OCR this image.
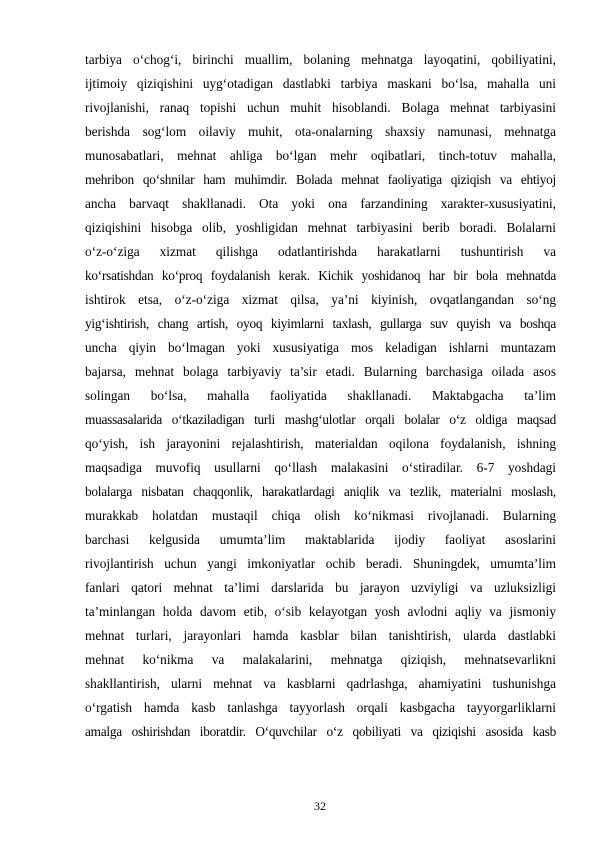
tarbiya o‘chog‘i, birinchi muallim, bolaning mehnatga layoqatini, qobiliyatini,
ijtimoiy qiziqishini uyg‘otadigan dastlabki tarbiya maskani bo‘lsa, mahalla uni
rivojlanishi, ranaq topishi uchun muhit hisoblandi. Bolaga mehnat tarbiyasini
berishda sog‘lom oilaviy muhit, ota-onalarning shaxsiy namunasi, mehnatga
munosabatlari, mehnat ahliga bo‘lgan mehr oqibatlari, tinch-totuv mahalla,
mehribon qo‘shnilar ham muhimdir. Bolada mehnat faoliyatiga qiziqish va ehtiyoj
ancha barvaqt shakllanadi. Ota yoki ona farzandining xarakter-xususiyatini,
qiziqishini hisobga olib, yoshligidan mehnat tarbiyasini berib boradi. Bolalarni
o‘z-o‘ziga xizmat qilishga odatlantirishda harakatlarni tushuntirish va
ko‘rsatishdan ko‘proq foydalanish kerak. Kichik yoshidanoq har bir bola mehnatda
ishtirok etsa, o‘z-o‘ziga xizmat qilsa, ya’ni kiyinish, ovqatlangandan so‘ng
yig‘ishtirish, chang artish, oyoq kiyimlarni taxlash, gullarga suv quyish va boshqa
uncha qiyin bo‘lmagan yoki xususiyatiga mos keladigan ishlarni muntazam
bajarsa, mehnat bolaga tarbiyaviy ta’sir etadi. Bularning barchasiga oilada asos
solingan bo‘lsa, mahalla faoliyatida shakllanadi. Maktabgacha ta’lim
muassasalarida o‘tkaziladigan turli mashg‘ulotlar orqali bolalar o‘z oldiga maqsad
qo‘yish, ish jarayonini rejalashtirish, materialdan oqilona foydalanish, ishning
maqsadiga muvofiq usullarni qo‘llash malakasini o‘stiradilar. 6-7 yoshdagi
bolalarga nisbatan chaqqonlik, harakatlardagi aniqlik va tezlik, materialni moslash,
murakkab holatdan mustaqil chiqa olish ko‘nikmasi rivojlanadi. Bularning
barchasi kelgusida umumta’lim maktablarida ijodiy faoliyat asoslarini
rivojlantirish uchun yangi imkoniyatlar ochib beradi. Shuningdek, umumta’lim
fanlari qatori mehnat ta’limi darslarida bu jarayon uzviyligi va uzluksizligi
ta’minlangan holda davom etib, o‘sib kelayotgan yosh avlodni aqliy va jismoniy
mehnat turlari, jarayonlari hamda kasblar bilan tanishtirish, ularda dastlabki
mehnat ko‘nikma va malakalarini, mehnatga qiziqish, mehnatsevarlikni
shakllantirish, ularni mehnat va kasblarni qadrlashga, ahamiyatini tushunishga
o‘rgatish hamda kasb tanlashga tayyorlash orqali kasbgacha tayyorgarliklarni
amalga oshirishdan iboratdir. O‘quvchilar o‘z qobiliyati va qiziqishi asosida kasb
32
